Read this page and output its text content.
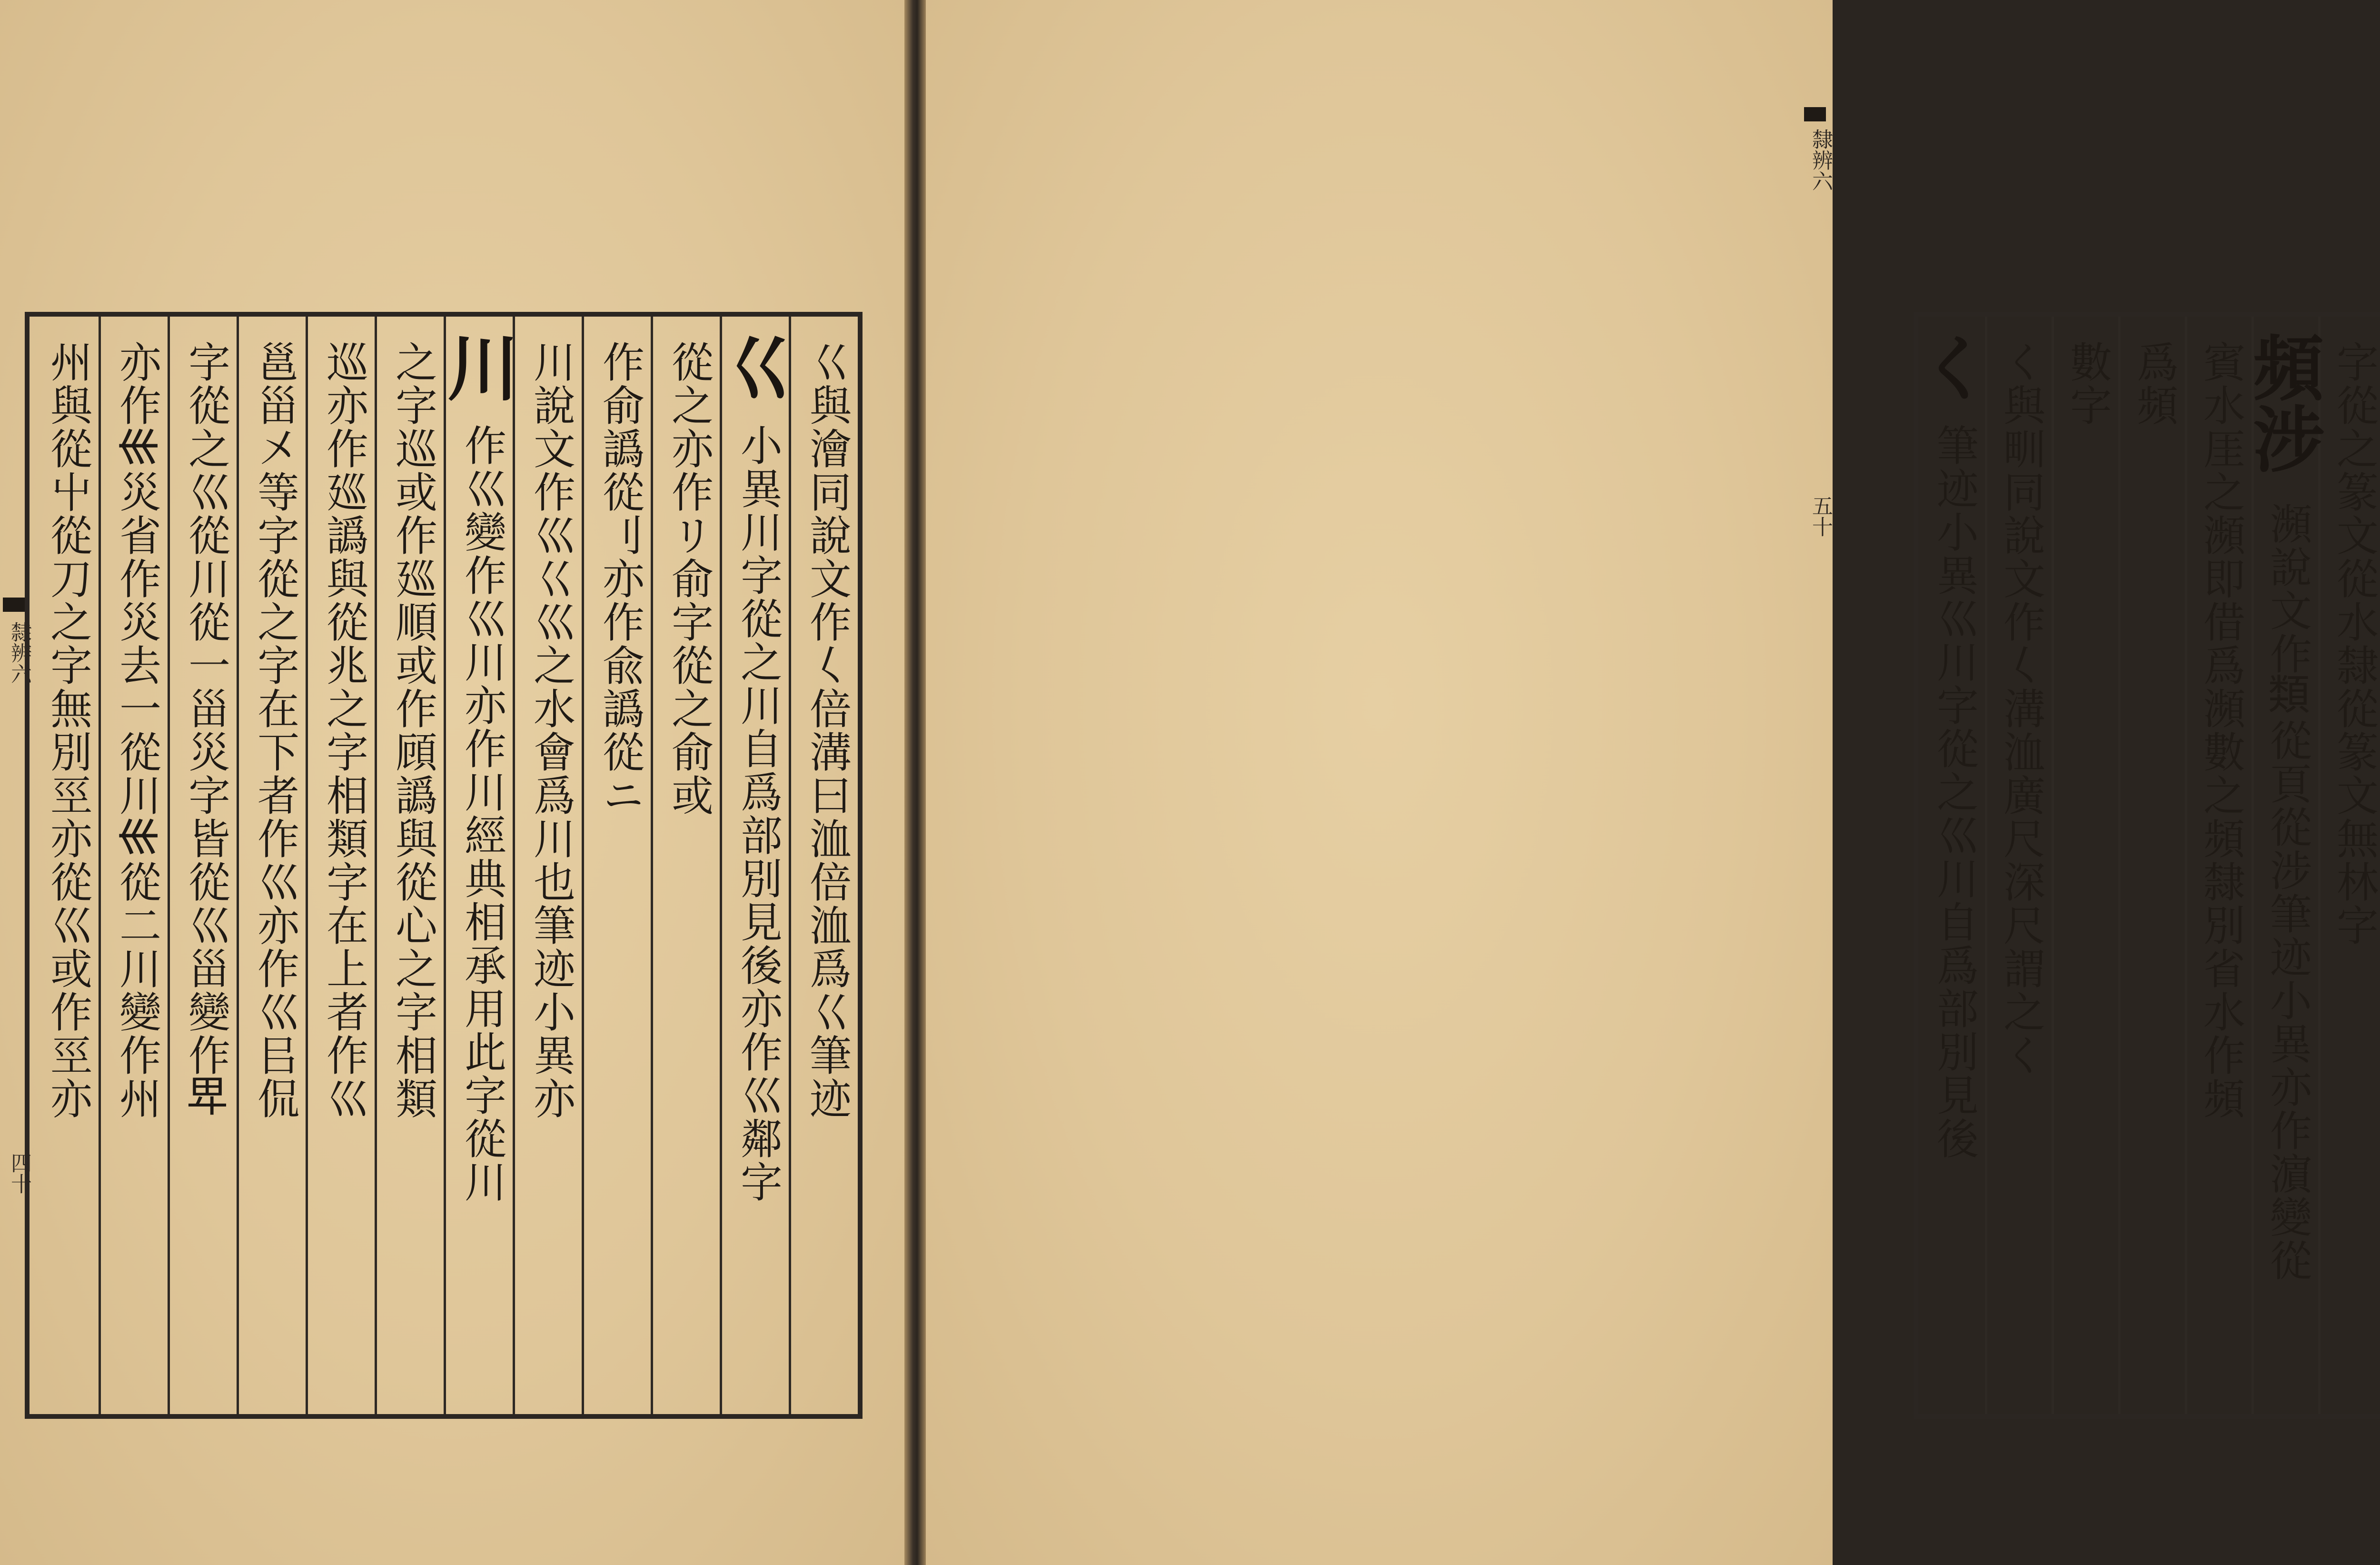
巜與澮同說文作𡿨倍溝曰洫倍洫爲巜筆迹
小異川字從之川自爲部別見後亦作巛鄰字
巜
從之亦作リ俞字從之俞或
作俞譌從刂亦作兪譌從ニ
川說文作巛巜巛之水會爲川也筆迹小異亦
作巛變作巛川亦作川經典相承用此字從川
川
之字巡或作廵順或作頋譌與從心之字相類
巡亦作廵譌與從兆之字相類字在上者作巛
邕甾㐅等字從之字在下者作巛亦作巛㠯侃
字從之巛從川從一甾災字皆從巛甾變作𤰞
亦作𡿧災省作災去一從川𡿧從二川變作州
州與從屮從刀之字無別巠亦從巛或作巠亦	字從之篆文從水隸從篆文無林字
瀕說文作𩔖從頁從涉筆迹小異亦作濵變從
頻涉
賓水厓之瀕即借爲瀕數之頻隸別省水作頻
爲頻
數字
く與甽同說文作𡿨溝洫廣尺深尺謂之く
筆迹小異巛川字從之巛川自爲部別見後
く
隸辨六
四十
隸辨六
五十
